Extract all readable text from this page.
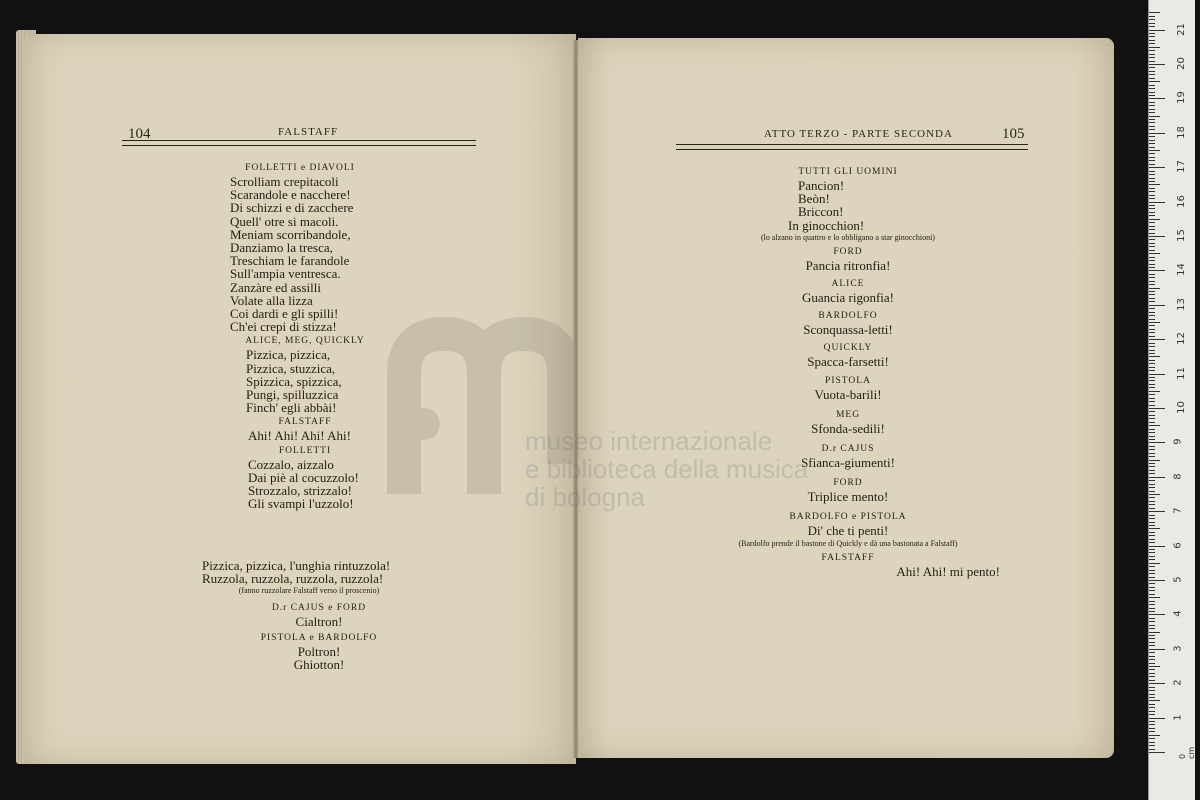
104	FALSTAFF
FOLLETTI e DIAVOLI
Scrolliam crepitacoli
Scarandole e nacchere!
Di schizzi e di zacchere
Quell' otre si macoli.
Meniam scorribandole,
Danziamo la tresca,
Treschiam le farandole
Sull'ampia ventresca.
Zanzàre ed assilli
Volate alla lizza
Coi dardi e gli spilli!
Ch'ei crepi di stizza!
ALICE, MEG, QUICKLY
Pizzica, pizzica,
Pizzica, stuzzica,
Spizzica, spizzica,
Pungi, spilluzzica
Finch' egli abbài!
FALSTAFF
Ahi! Ahi! Ahi! Ahi!
FOLLETTI
Cozzalo, aizzalo
Dai piè al cocuzzolo!
Strozzalo, strizzalo!
Gli svampi l'uzzolo!
Pizzica, pizzica, l'unghia rintuzzola!
Ruzzola, ruzzola, ruzzola, ruzzola!
(fanno ruzzolare Falstaff verso il proscenio)
D.r CAJUS e FORD
Cialtron!
PISTOLA e BARDOLFO
Poltron!
Ghiotton!
ATTO TERZO - PARTE SECONDA	105
TUTTI GLI UOMINI
Pancion!
Beòn!
Briccon!
In ginocchion!
(lo alzano in quattro e lo obbligano a star ginocchioni)
FORD
Pancia ritronfia!
ALICE
Guancia rigonfia!
BARDOLFO
Sconquassa-letti!
QUICKLY
Spacca-farsetti!
PISTOLA
Vuota-barili!
MEG
Sfonda-sedili!
D.r CAJUS
Sfianca-giumenti!
FORD
Triplice mento!
BARDOLFO e PISTOLA
Di' che ti penti!
(Bardolfo prende il bastone di Quickly e dà una bastonata a Falstaff)
FALSTAFF
Ahi! Ahi! mi pento!
museo internazionale
e biblioteca della musica
di bologna
0 cm
1
2
3
4
5
6
7
8
9
10
11
12
13
14
15
16
17
18
19
20
21
